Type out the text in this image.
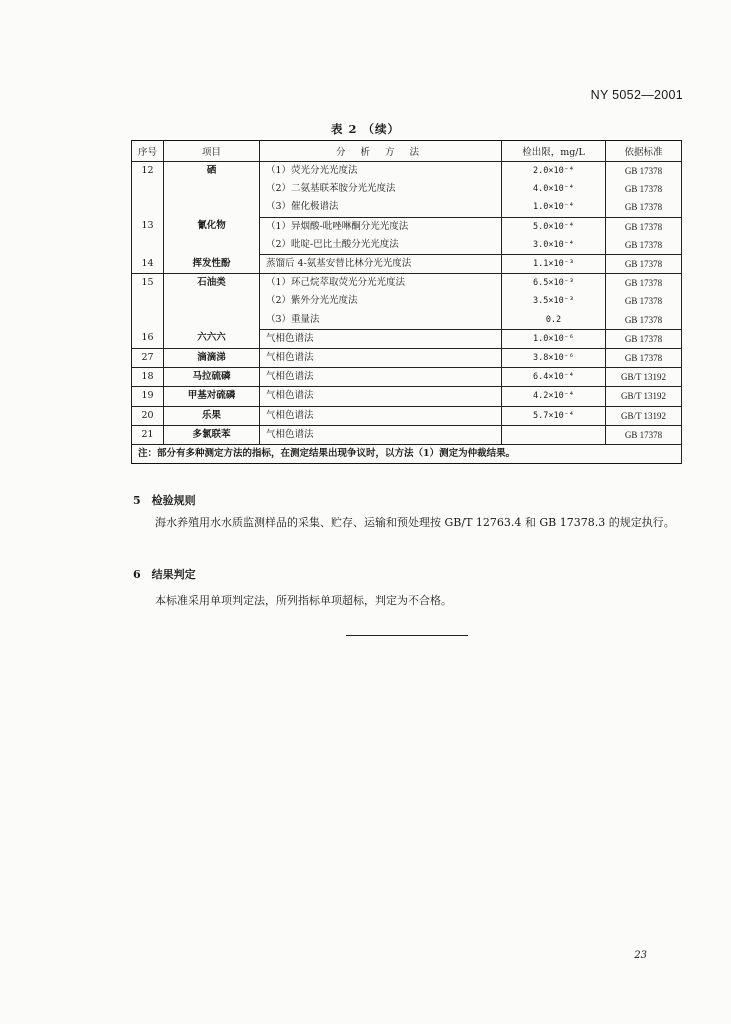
NY 5052—2001
表 2 （续）
序号	项目	分 析 方 法	检出限，mg/L	依据标准
12	硒	（1）荧光分光光度法	2.0×10⁻⁴	GB 17378
		（2）二氨基联苯胺分光光度法	4.0×10⁻⁴	GB 17378
		（3）催化极谱法	1.0×10⁻⁴	GB 17378
13	氰化物	（1）异烟酸-吡唑啉酮分光光度法	5.0×10⁻⁴	GB 17378
		（2）吡啶-巴比土酸分光光度法	3.0×10⁻⁴	GB 17378
14	挥发性酚	蒸馏后 4-氨基安替比林分光光度法	1.1×10⁻³	GB 17378
15	石油类	（1）环己烷萃取荧光分光光度法	6.5×10⁻³	GB 17378
		（2）紫外分光光度法	3.5×10⁻³	GB 17378
		（3）重量法	0.2	GB 17378
16	六六六	气相色谱法	1.0×10⁻⁶	GB 17378
27	滴滴涕	气相色谱法	3.8×10⁻⁶	GB 17378
18	马拉硫磷	气相色谱法	6.4×10⁻⁴	GB/T 13192
19	甲基对硫磷	气相色谱法	4.2×10⁻⁴	GB/T 13192
20	乐果	气相色谱法	5.7×10⁻⁴	GB/T 13192
21	多氯联苯	气相色谱法		GB 17378
注：部分有多种测定方法的指标，在测定结果出现争议时，以方法（1）测定为仲裁结果。				
5　检验规则
海水养殖用水水质监测样品的采集、贮存、运输和预处理按 GB/T 12763.4 和 GB 17378.3 的规定执行。
6　结果判定
本标准采用单项判定法，所列指标单项超标，判定为不合格。
23
